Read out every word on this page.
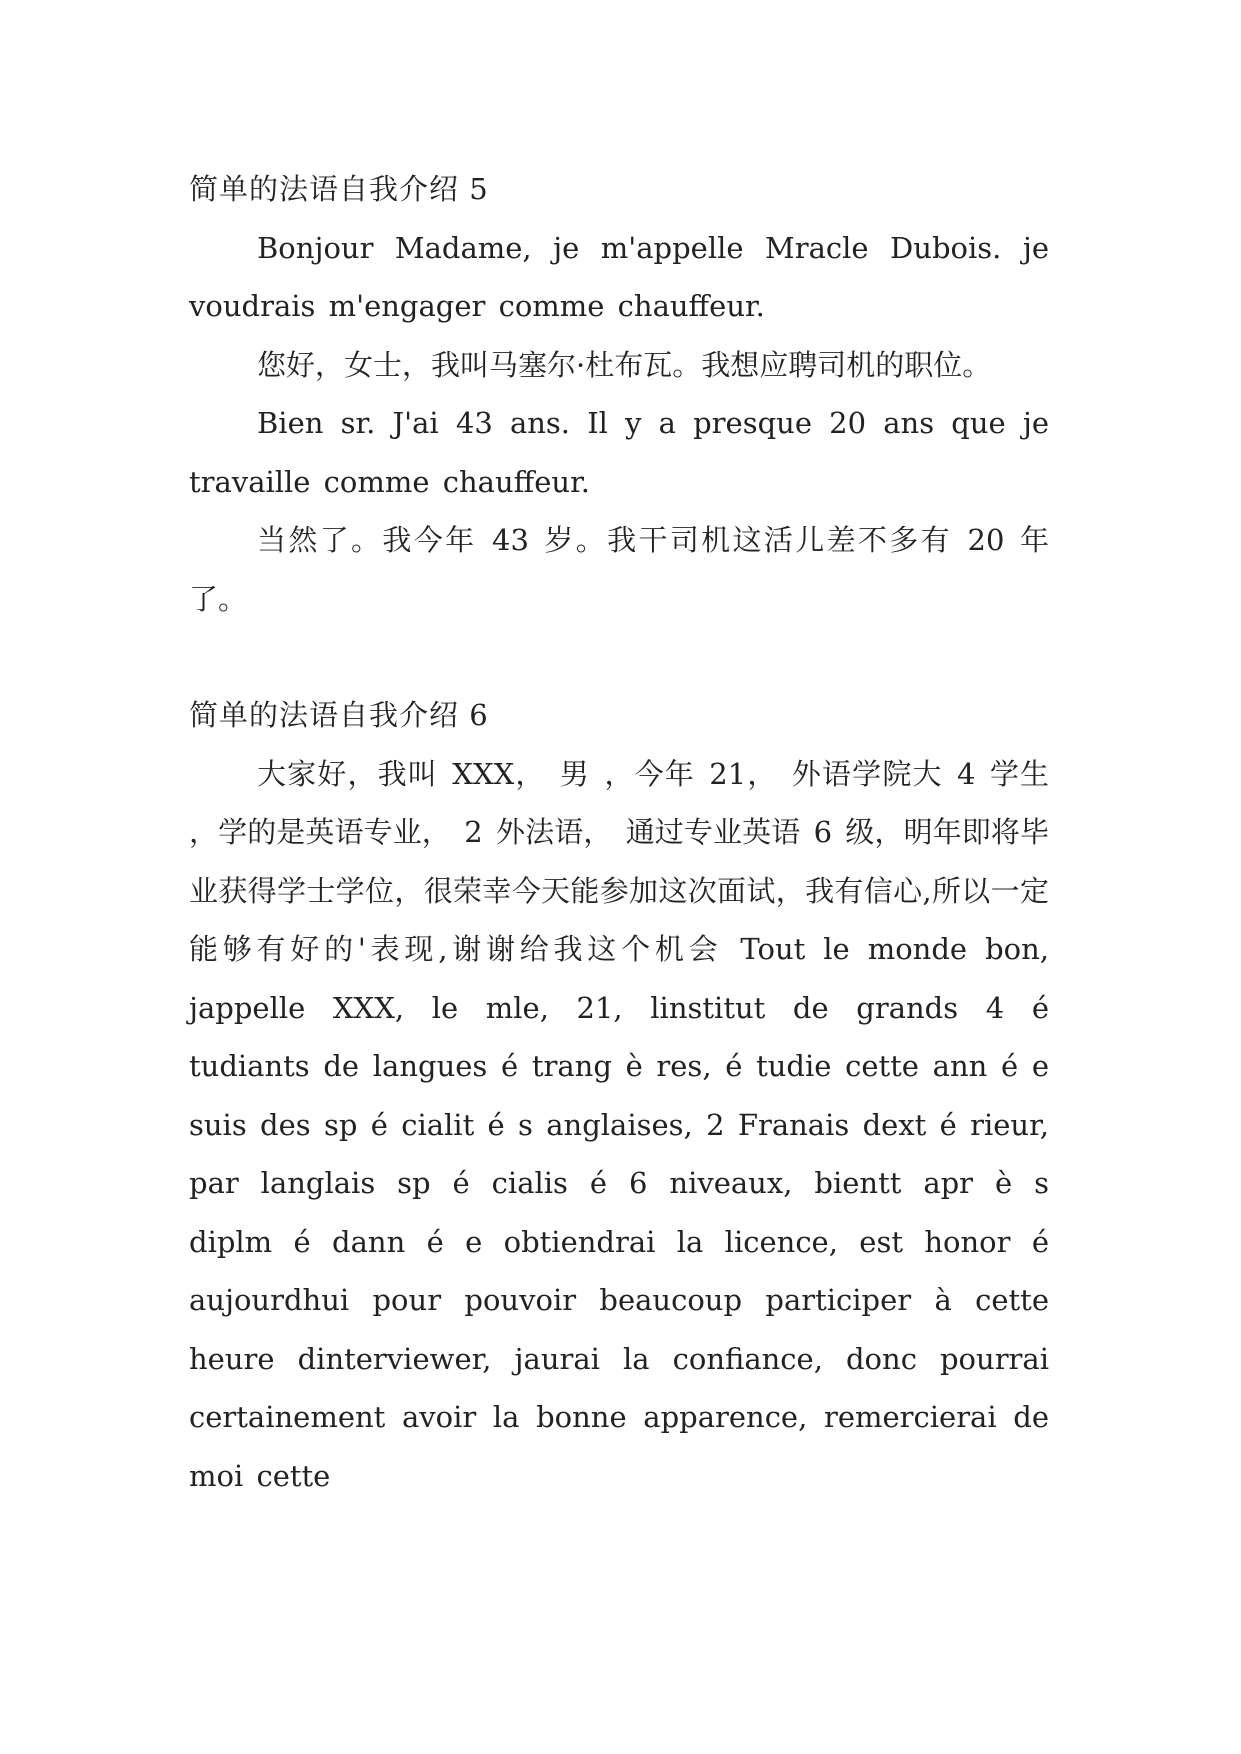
简单的法语自我介绍 5

Bonjour Madame, je m'appelle Mracle Dubois. je voudrais m'engager comme chauffeur.

您好，女士，我叫马塞尔·杜布瓦。我想应聘司机的职位。

Bien sr. J'ai 43 ans. Il y a presque 20 ans que je travaille comme chauffeur.

当然了。我今年 43 岁。我干司机这活儿差不多有 20 年了。

简单的法语自我介绍 6

大家好，我叫 XXX， 男 ，今年 21， 外语学院大 4 学生 ，学的是英语专业， 2 外法语， 通过专业英语 6 级，明年即将毕业获得学士学位，很荣幸今天能参加这次面试，我有信心,所以一定能够有好的'表现,谢谢给我这个机会 Tout le monde bon, jappelle XXX, le mle, 21, linstitut de grands 4 é tudiants de langues é trang è res, é tudie cette ann é e suis des sp é cialit é s anglaises, 2 Franais dext é rieur, par langlais sp é cialis é 6 niveaux, bientt apr è s diplm é dann é e obtiendrai la licence, est honor é aujourdhui pour pouvoir beaucoup participer à cette heure dinterviewer, jaurai la confiance, donc pourrai certainement avoir la bonne apparence, remercierai de moi cette
